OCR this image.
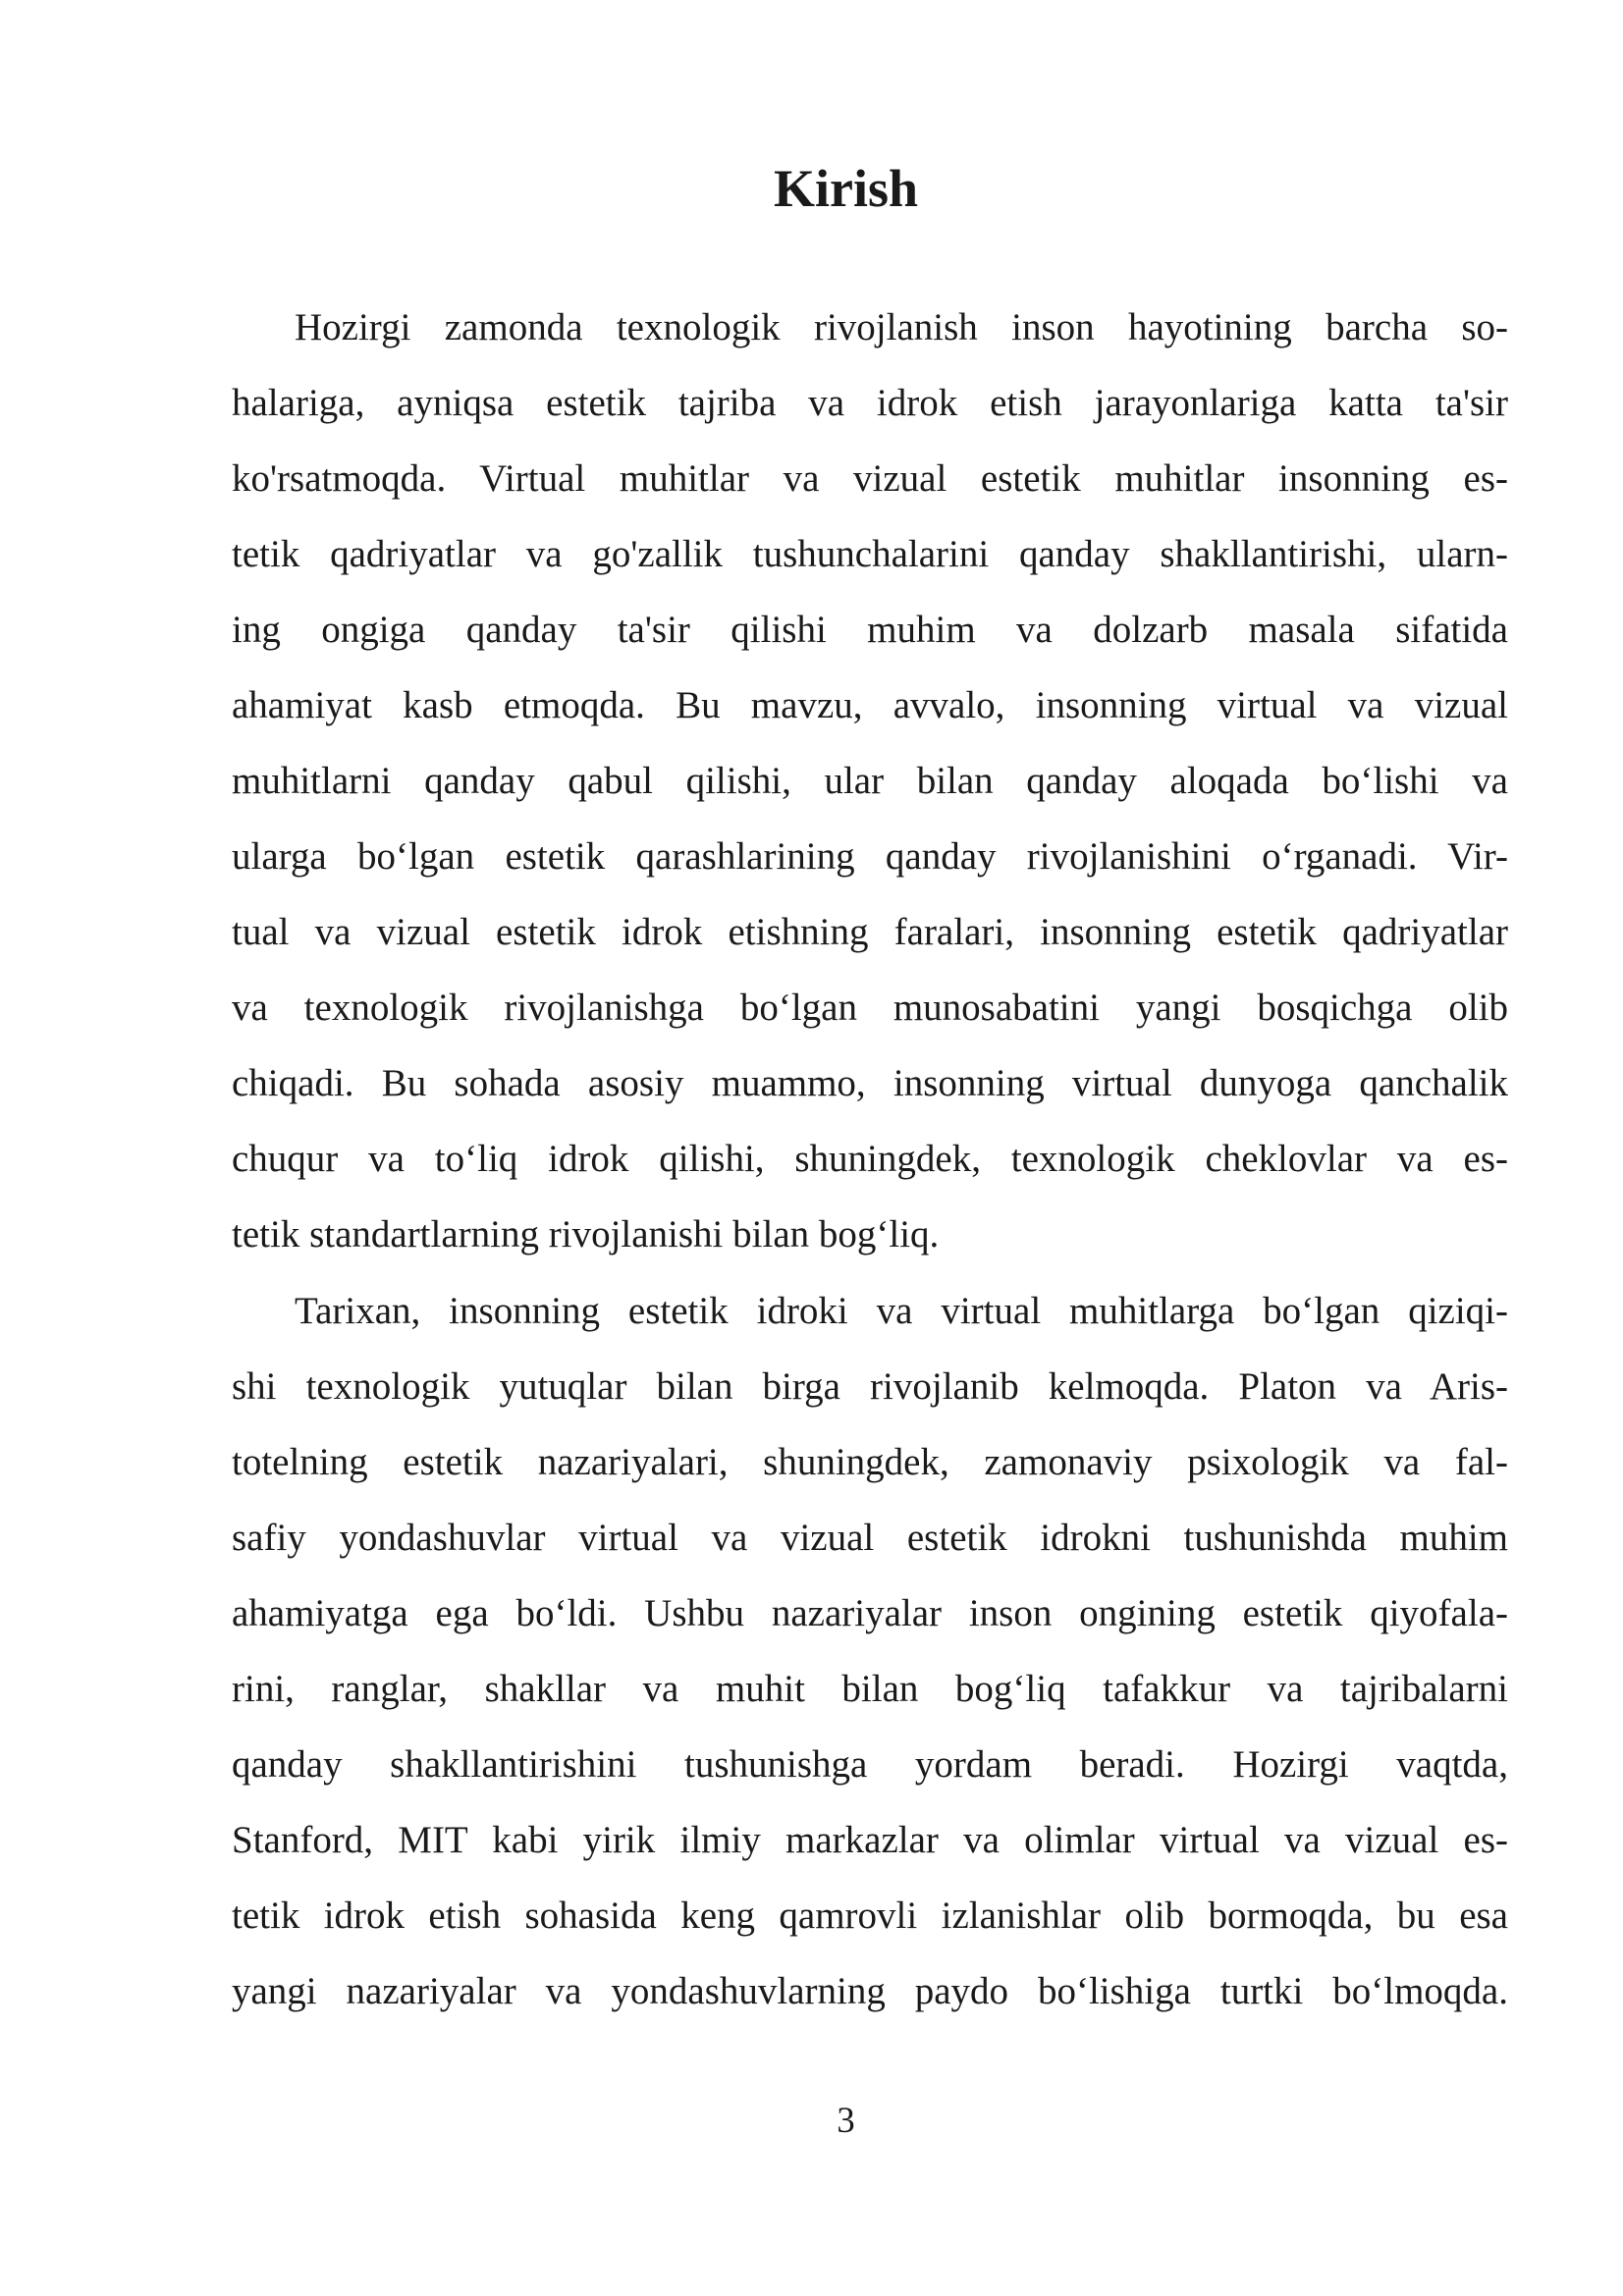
Kirish
Hozirgi zamonda texnologik rivojlanish inson hayotining barcha so-
halariga, ayniqsa estetik tajriba va idrok etish jarayonlariga katta ta'sir
ko'rsatmoqda. Virtual muhitlar va vizual estetik muhitlar insonning es-
tetik qadriyatlar va go'zallik tushunchalarini qanday shakllantirishi, ularn-
ing ongiga qanday ta'sir qilishi muhim va dolzarb masala sifatida
ahamiyat kasb etmoqda. Bu mavzu, avvalo, insonning virtual va vizual
muhitlarni qanday qabul qilishi, ular bilan qanday aloqada bo‘lishi va
ularga bo‘lgan estetik qarashlarining qanday rivojlanishini o‘rganadi. Vir-
tual va vizual estetik idrok etishning faralari, insonning estetik qadriyatlar
va texnologik rivojlanishga bo‘lgan munosabatini yangi bosqichga olib
chiqadi. Bu sohada asosiy muammo, insonning virtual dunyoga qanchalik
chuqur va to‘liq idrok qilishi, shuningdek, texnologik cheklovlar va es-
tetik standartlarning rivojlanishi bilan bog‘liq.
Tarixan, insonning estetik idroki va virtual muhitlarga bo‘lgan qiziqi-
shi texnologik yutuqlar bilan birga rivojlanib kelmoqda. Platon va Aris-
totelning estetik nazariyalari, shuningdek, zamonaviy psixologik va fal-
safiy yondashuvlar virtual va vizual estetik idrokni tushunishda muhim
ahamiyatga ega bo‘ldi. Ushbu nazariyalar inson ongining estetik qiyofala-
rini, ranglar, shakllar va muhit bilan bog‘liq tafakkur va tajribalarni
qanday shakllantirishini tushunishga yordam beradi. Hozirgi vaqtda,
Stanford, MIT kabi yirik ilmiy markazlar va olimlar virtual va vizual es-
tetik idrok etish sohasida keng qamrovli izlanishlar olib bormoqda, bu esa
yangi nazariyalar va yondashuvlarning paydo bo‘lishiga turtki bo‘lmoqda.
3
